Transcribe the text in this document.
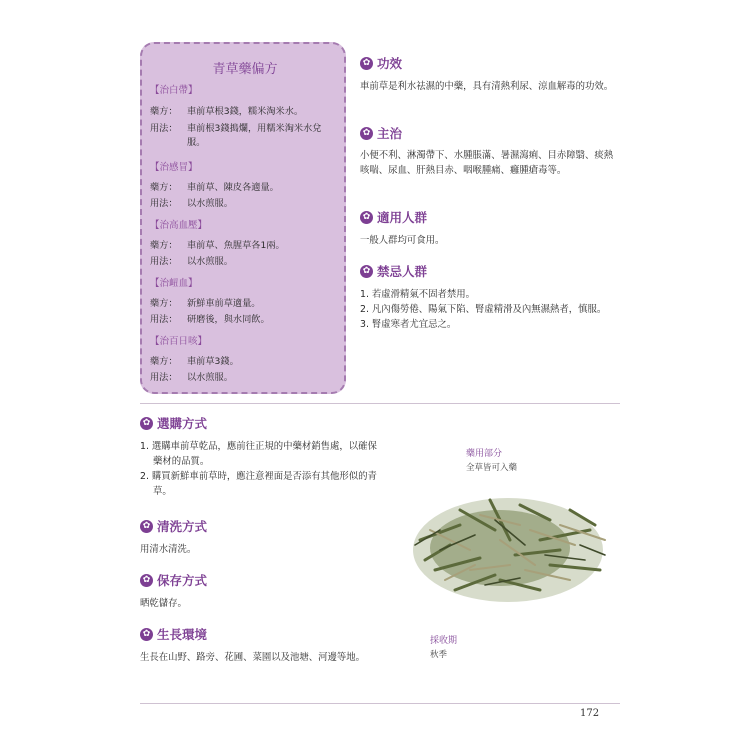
青草藥偏方
【治白帶】
藥方： 車前草根3錢，糯米淘米水。
用法： 車前根3錢搗爛，用糯米淘米水兌服。
【治感冒】
藥方： 車前草、陳皮各適量。
用法： 以水煎服。
【治高血壓】
藥方： 車前草、魚腥草各1兩。
用法： 以水煎服。
【治衄血】
藥方： 新鮮車前草適量。
用法： 研磨後，與水同飲。
【治百日咳】
藥方： 車前草3錢。
用法： 以水煎服。
✿ 功效
車前草是利水祛濕的中藥，具有清熱利尿、涼血解毒的功效。
✿ 主治
小便不利、淋濁帶下、水腫脹滿、暑濕瀉痢、目赤障翳、痰熱咳喘、尿血、肝熱目赤、咽喉腫痛、癰腫瘡毒等。
✿ 適用人群
一般人群均可食用。
✿ 禁忌人群
1. 若虛滑精氣不固者禁用。
2. 凡內傷勞倦、陽氣下陷、腎虛精滑及內無濕熱者，慎服。
3. 腎虛寒者尤宜忌之。
✿ 選購方式
1. 選購車前草乾品，應前往正規的中藥材銷售處，以確保藥材的品質。
2. 購買新鮮車前草時，應注意裡面是否添有其他形似的青草。
✿ 清洗方式
用清水清洗。
✿ 保存方式
晒乾儲存。
✿ 生長環境
生長在山野、路旁、花圃、菜園以及池塘、河邊等地。
藥用部分
全草皆可入藥
採收期
秋季
172
